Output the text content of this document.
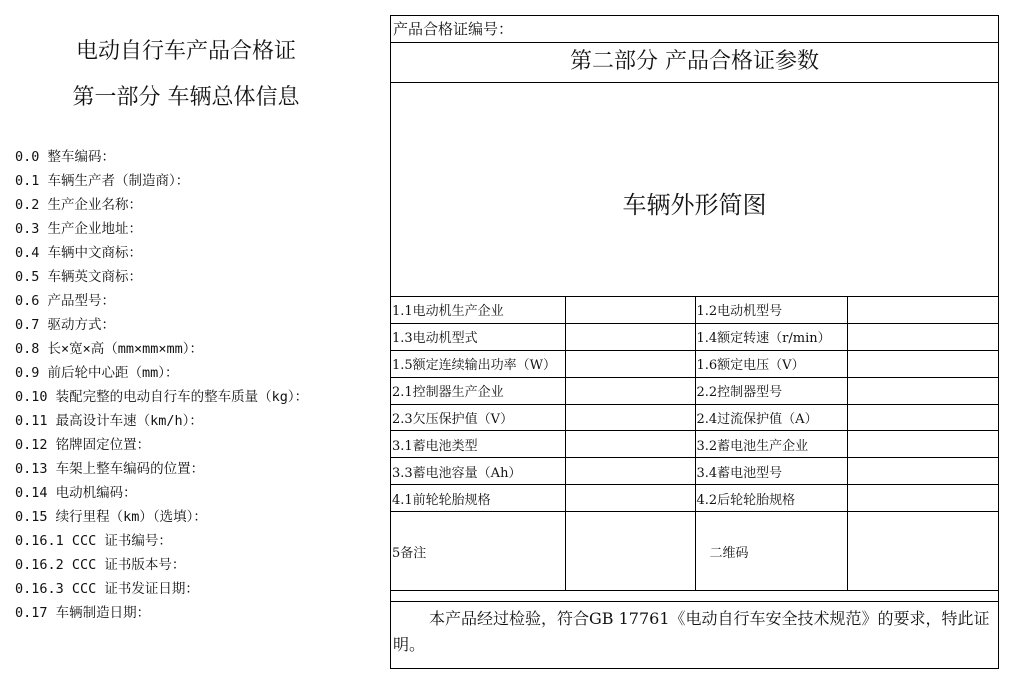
电动自行车产品合格证
第一部分 车辆总体信息
0.0 整车编码：
0.1 车辆生产者（制造商）：
0.2 生产企业名称：
0.3 生产企业地址：
0.4 车辆中文商标：
0.5 车辆英文商标：
0.6 产品型号：
0.7 驱动方式：
0.8 长×宽×高（mm×mm×mm）：
0.9 前后轮中心距（mm）：
0.10 装配完整的电动自行车的整车质量（kg）：
0.11 最高设计车速（km/h）：
0.12 铭牌固定位置：
0.13 车架上整车编码的位置：
0.14 电动机编码：
0.15 续行里程（km）（选填）：
0.16.1 CCC 证书编号：
0.16.2 CCC 证书版本号：
0.16.3 CCC 证书发证日期：
0.17 车辆制造日期：
产品合格证编号：
第二部分 产品合格证参数
车辆外形简图
1.1电动机生产企业		1.2电动机型号	
1.3电动机型式		1.4额定转速（r/min）	
1.5额定连续输出功率（W）		1.6额定电压（V）	
2.1控制器生产企业		2.2控制器型号	
2.3欠压保护值（V）		2.4过流保护值（A）	
3.1蓄电池类型		3.2蓄电池生产企业	
3.3蓄电池容量（Ah）		3.4蓄电池型号	
4.1前轮轮胎规格		4.2后轮轮胎规格	
5备注		二维码	
本产品经过检验，符合GB 17761《电动自行车安全技术规范》的要求，特此证明。
